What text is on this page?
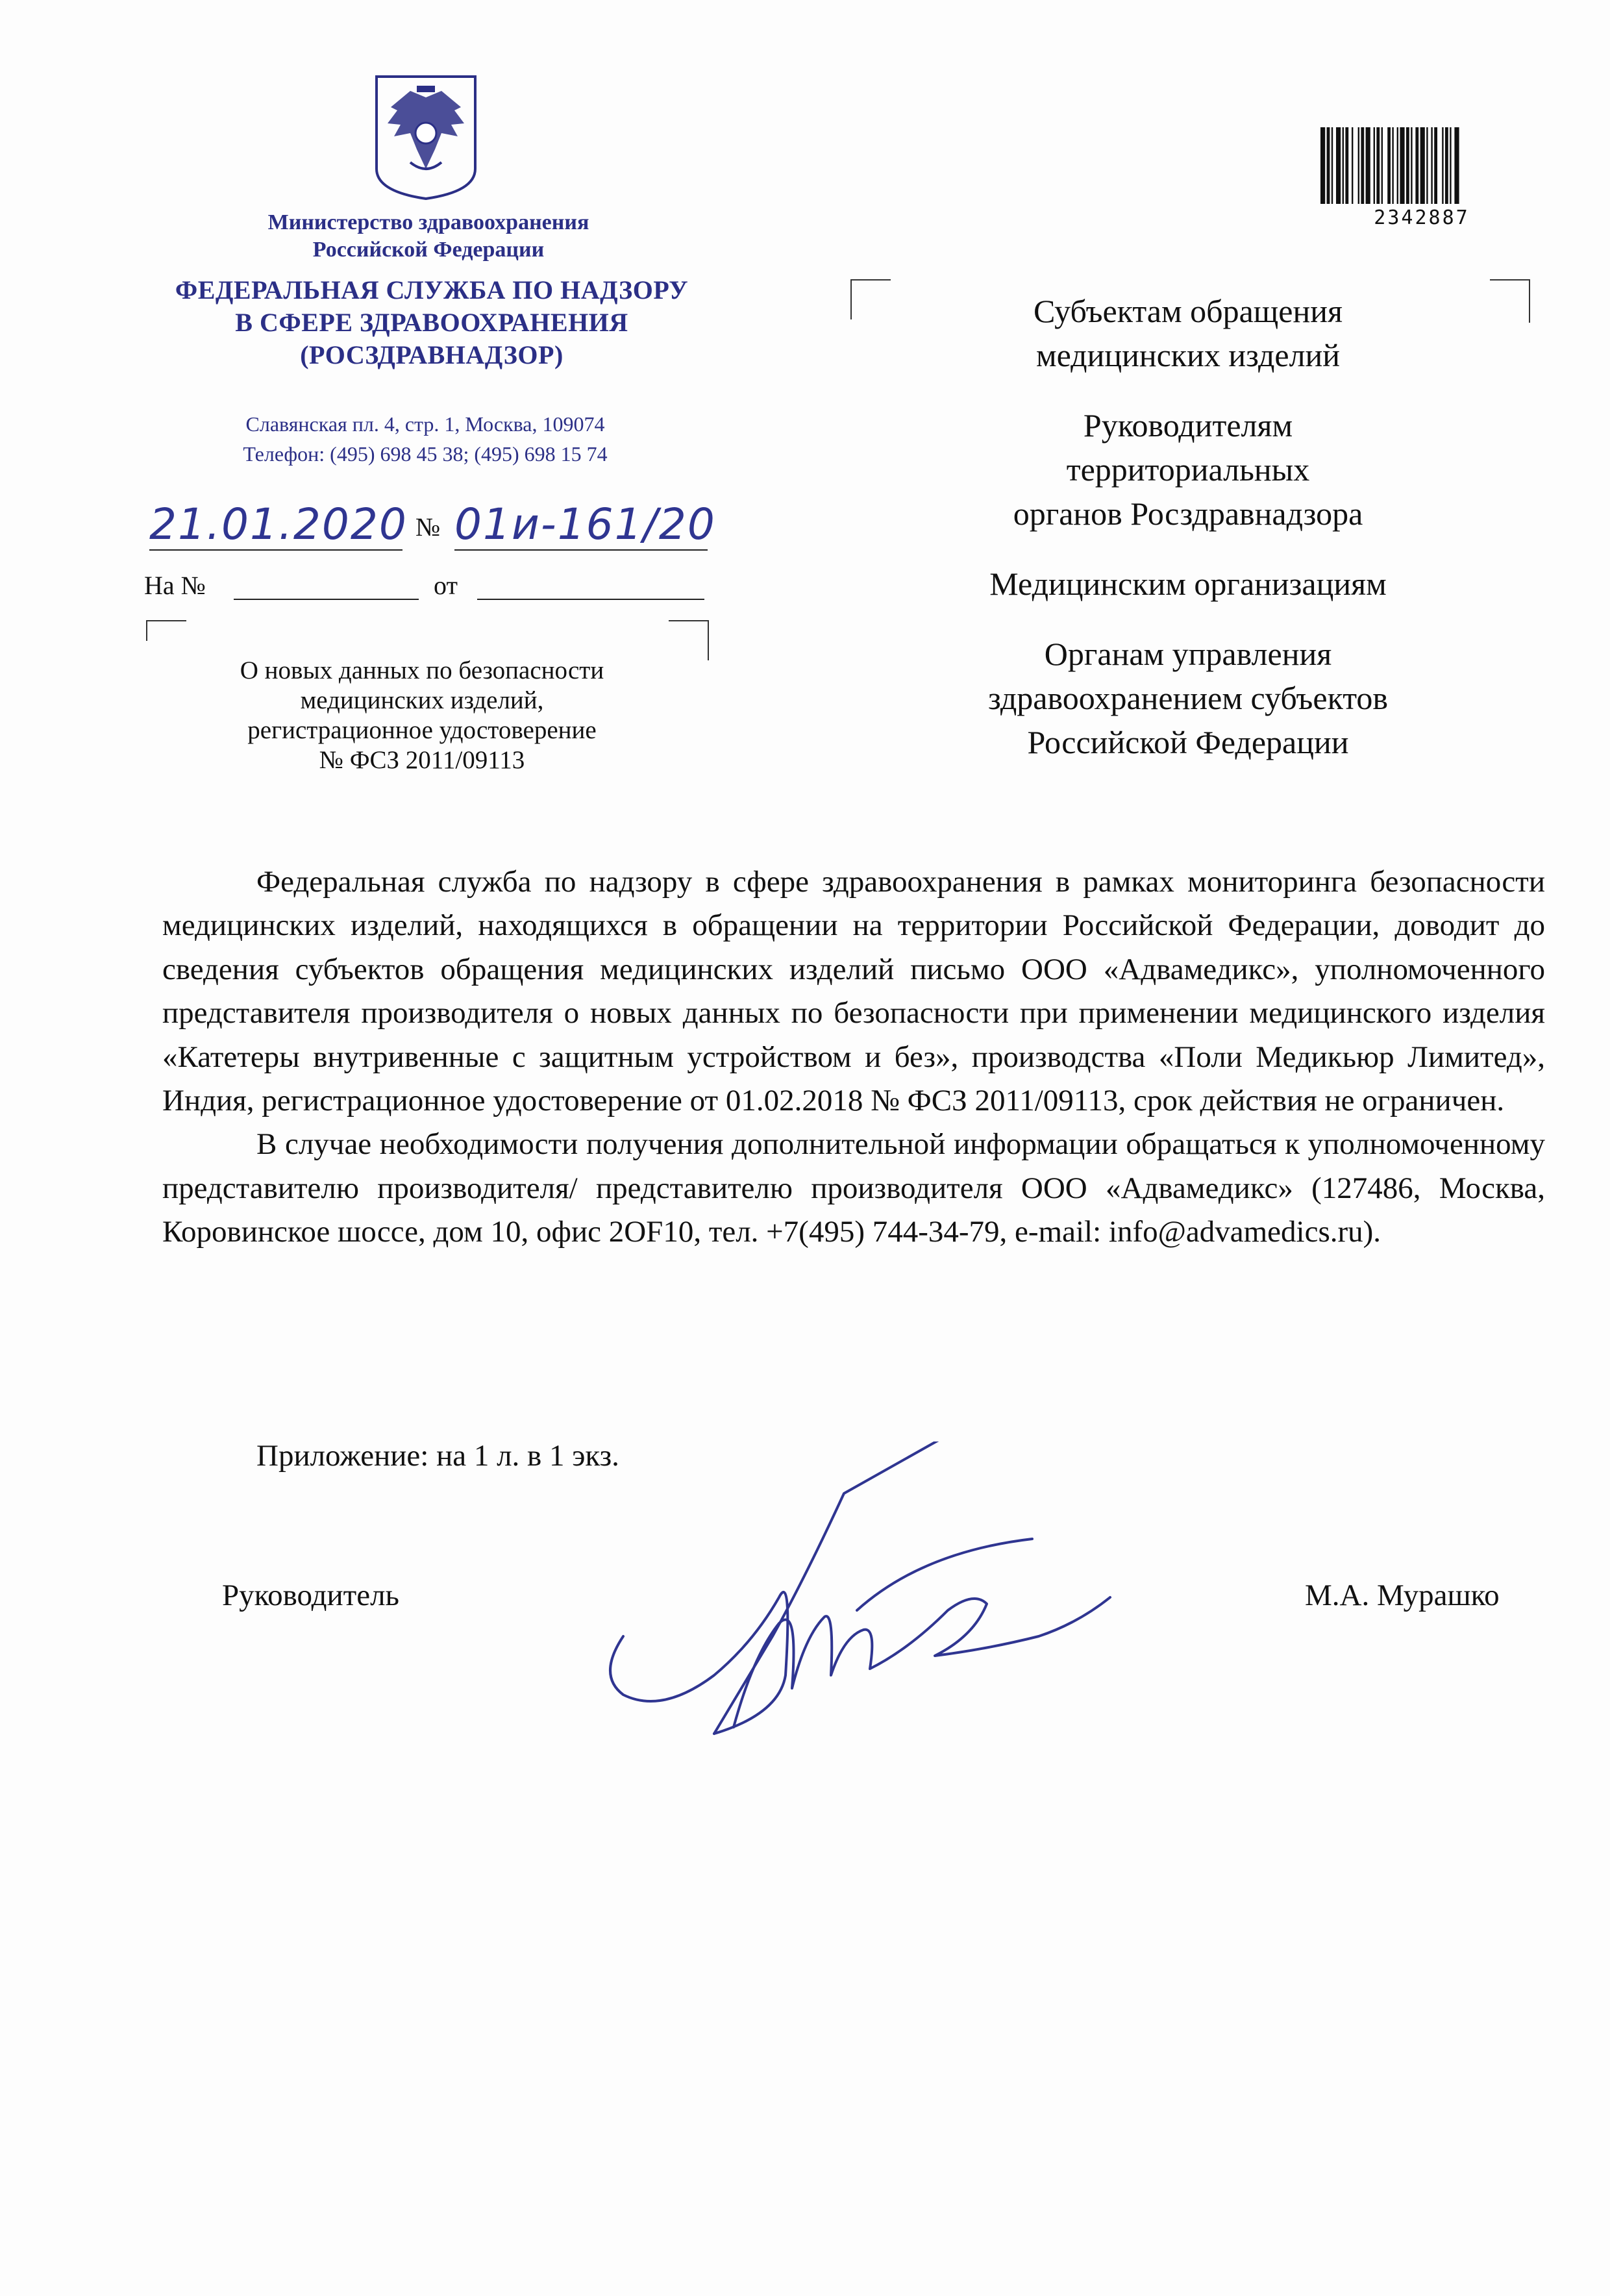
Министерство здравоохранения
Российской Федерации
ФЕДЕРАЛЬНАЯ СЛУЖБА ПО НАДЗОРУ
В СФЕРЕ ЗДРАВООХРАНЕНИЯ
(РОСЗДРАВНАДЗОР)
Славянская пл. 4, стр. 1, Москва, 109074
Телефон: (495) 698 45 38; (495) 698 15 74
21.01.2020 № 01и-161/20
На №	от
О новых данных по безопасности
медицинских изделий,
регистрационное удостоверение
№ ФСЗ 2011/09113
2342887

Субъектам обращения

медицинских изделий

Руководителям

территориальных

органов Росздравнадзора

Медицинским организациям

Органам управления

здравоохранением субъектов

Российской Федерации

Федеральная служба по надзору в сфере здравоохранения в рамках мониторинга безопасности медицинских изделий, находящихся в обращении на территории Российской Федерации, доводит до сведения субъектов обращения медицинских изделий письмо ООО «Адвамедикс», уполномоченного представителя производителя о новых данных по безопасности при применении медицинского изделия «Катетеры внутривенные с защитным устройством и без», производства «Поли Медикьюр Лимитед», Индия, регистрационное удостоверение от 01.02.2018 № ФСЗ 2011/09113, срок действия не ограничен.

В случае необходимости получения дополнительной информации обращаться к уполномоченному представителю производителя/ представителю производителя ООО «Адвамедикс» (127486, Москва, Коровинское шоссе, дом 10, офис 2OF10, тел. +7(495) 744-34-79, e-mail: info@advamedics.ru).

Приложение: на 1 л. в 1 экз.
Руководитель	М.А. Мурашко
